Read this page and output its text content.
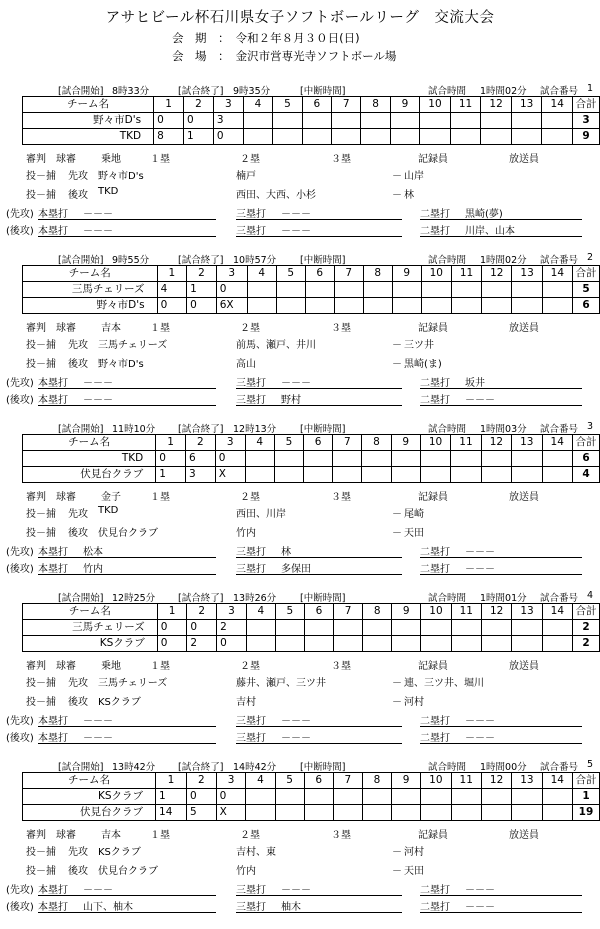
アサヒビール杯石川県女子ソフトボールリーグ　交流大会
会　期　： 令和２年８月３０日(日)
会　場　： 金沢市営専光寺ソフトボール場
[試合開始] 8時33分	[試合終了] 9時35分	[中断時間]	試合時間 1時間02分 試合番号 1
チーム名	1	2	3	4	5	6	7	8	9	10	11	12	13	14	合計
野々市D's	0	0	3												3
TKD	8	1	0												9
審判　球審	乗地	１塁	２塁	３塁	記録員	放送員
投－捕 先攻 野々市D's	楠戸	－ 山岸
投－捕 後攻 TKD	西田、大西、小杉	－ 林
(先攻) 本塁打 －－－	三塁打 －－－	二塁打 黒崎(夢)
(後攻) 本塁打 －－－	三塁打 －－－	二塁打 川岸、山本
[試合開始] 9時55分	[試合終了] 10時57分	[中断時間]	試合時間 1時間02分 試合番号 2
チーム名	1	2	3	4	5	6	7	8	9	10	11	12	13	14	合計
三馬チェリーズ	4	1	0												5
野々市D's	0	0	6X												6
審判　球審	吉本	１塁	２塁	３塁	記録員	放送員
投－捕 先攻 三馬チェリーズ	前馬、瀬戸、井川	－ 三ツ井
投－捕 後攻 野々市D's	高山	－ 黒崎(ま)
(先攻) 本塁打 －－－	三塁打 －－－	二塁打 坂井
(後攻) 本塁打 －－－	三塁打 野村	二塁打 －－－
[試合開始] 11時10分 [試合終了] 12時13分	[中断時間]	試合時間 1時間03分 試合番号 3
チーム名	1	2	3	4	5	6	7	8	9	10	11	12	13	14	合計
TKD	0	6	0												6
伏見台クラブ	1	3	X												4
審判　球審	金子	１塁	２塁	３塁	記録員	放送員
投－捕 先攻 TKD	西田、川岸	－ 尾崎
投－捕 後攻 伏見台クラブ	竹内	－ 天田
(先攻) 本塁打 松本	三塁打 林	二塁打 －－－
(後攻) 本塁打 竹内	三塁打 多保田	二塁打 －－－
[試合開始] 12時25分 [試合終了] 13時26分	[中断時間]	試合時間 1時間01分 試合番号 4
チーム名	1	2	3	4	5	6	7	8	9	10	11	12	13	14	合計
三馬チェリーズ	0	0	2												2
KSクラブ	0	2	0												2
審判　球審	乗地	１塁	２塁	３塁	記録員	放送員
投－捕 先攻 三馬チェリーズ	藤井、瀬戸、三ツ井	－ 連、三ツ井、堀川
投－捕 後攻 KSクラブ	吉村	－ 河村
(先攻) 本塁打 －－－	三塁打 －－－	二塁打 －－－
(後攻) 本塁打 －－－	三塁打 －－－	二塁打 －－－
[試合開始] 13時42分 [試合終了] 14時42分	[中断時間]	試合時間 1時間00分 試合番号 5
チーム名	1	2	3	4	5	6	7	8	9	10	11	12	13	14	合計
KSクラブ	1	0	0												1
伏見台クラブ	14	5	X												19
審判　球審	吉本	１塁	２塁	３塁	記録員	放送員
投－捕 先攻 KSクラブ	吉村、東	－ 河村
投－捕 後攻 伏見台クラブ	竹内	－ 天田
(先攻) 本塁打 －－－	三塁打 －－－	二塁打 －－－
(後攻) 本塁打 山下、柚木	三塁打 柚木	二塁打 －－－
